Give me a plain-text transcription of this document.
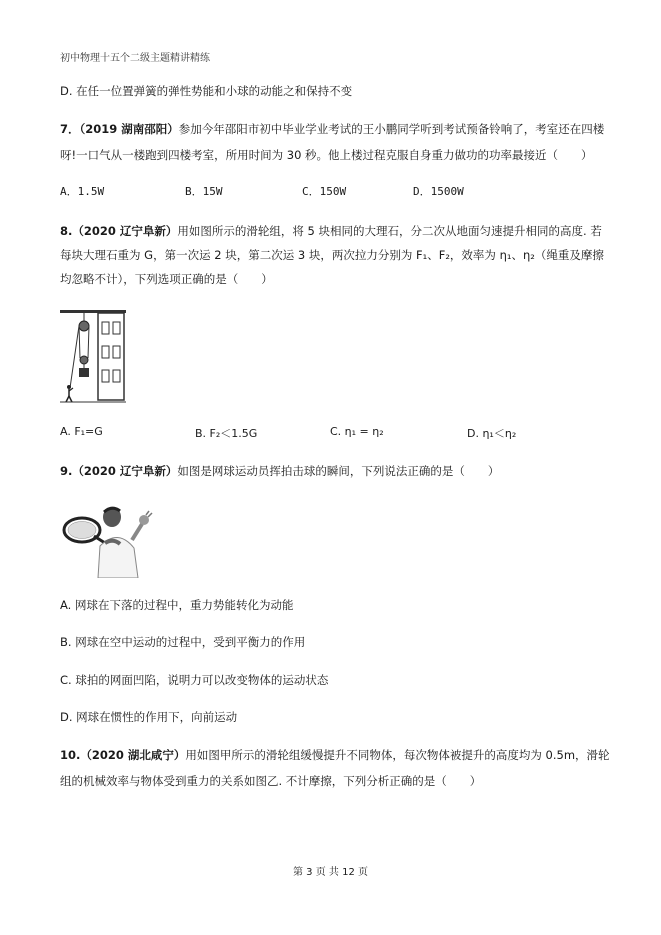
初中物理十五个二级主题精讲精练
D. 在任一位置弹簧的弹性势能和小球的动能之和保持不变
7．（2019 湖南邵阳）参加今年邵阳市初中毕业学业考试的王小鹏同学听到考试预备铃响了，考室还在四楼
呀!一口气从一楼跑到四楼考室，所用时间为 30 秒。他上楼过程克服自身重力做功的功率最接近（　　）
A．1.5W	B．15W	C．150W	D．1500W
8.（2020 辽宁阜新）用如图所示的滑轮组，将 5 块相同的大理石，分二次从地面匀速提升相同的高度. 若
每块大理石重为 G，第一次运 2 块，第二次运 3 块，两次拉力分别为 F₁、F₂，效率为 η₁、η₂（绳重及摩擦
均忽略不计），下列选项正确的是（　　）
A. F₁=G	B. F₂＜1.5G	C. η₁ = η₂	D. η₁＜η₂
9.（2020 辽宁阜新）如图是网球运动员挥拍击球的瞬间，下列说法正确的是（　　）
A. 网球在下落的过程中，重力势能转化为动能
B. 网球在空中运动的过程中，受到平衡力的作用
C. 球拍的网面凹陷，说明力可以改变物体的运动状态
D. 网球在惯性的作用下，向前运动
10.（2020 湖北咸宁）用如图甲所示的滑轮组缓慢提升不同物体，每次物体被提升的高度均为 0.5m，滑轮
组的机械效率与物体受到重力的关系如图乙. 不计摩擦，下列分析正确的是（　　）
第 3 页 共 12 页
